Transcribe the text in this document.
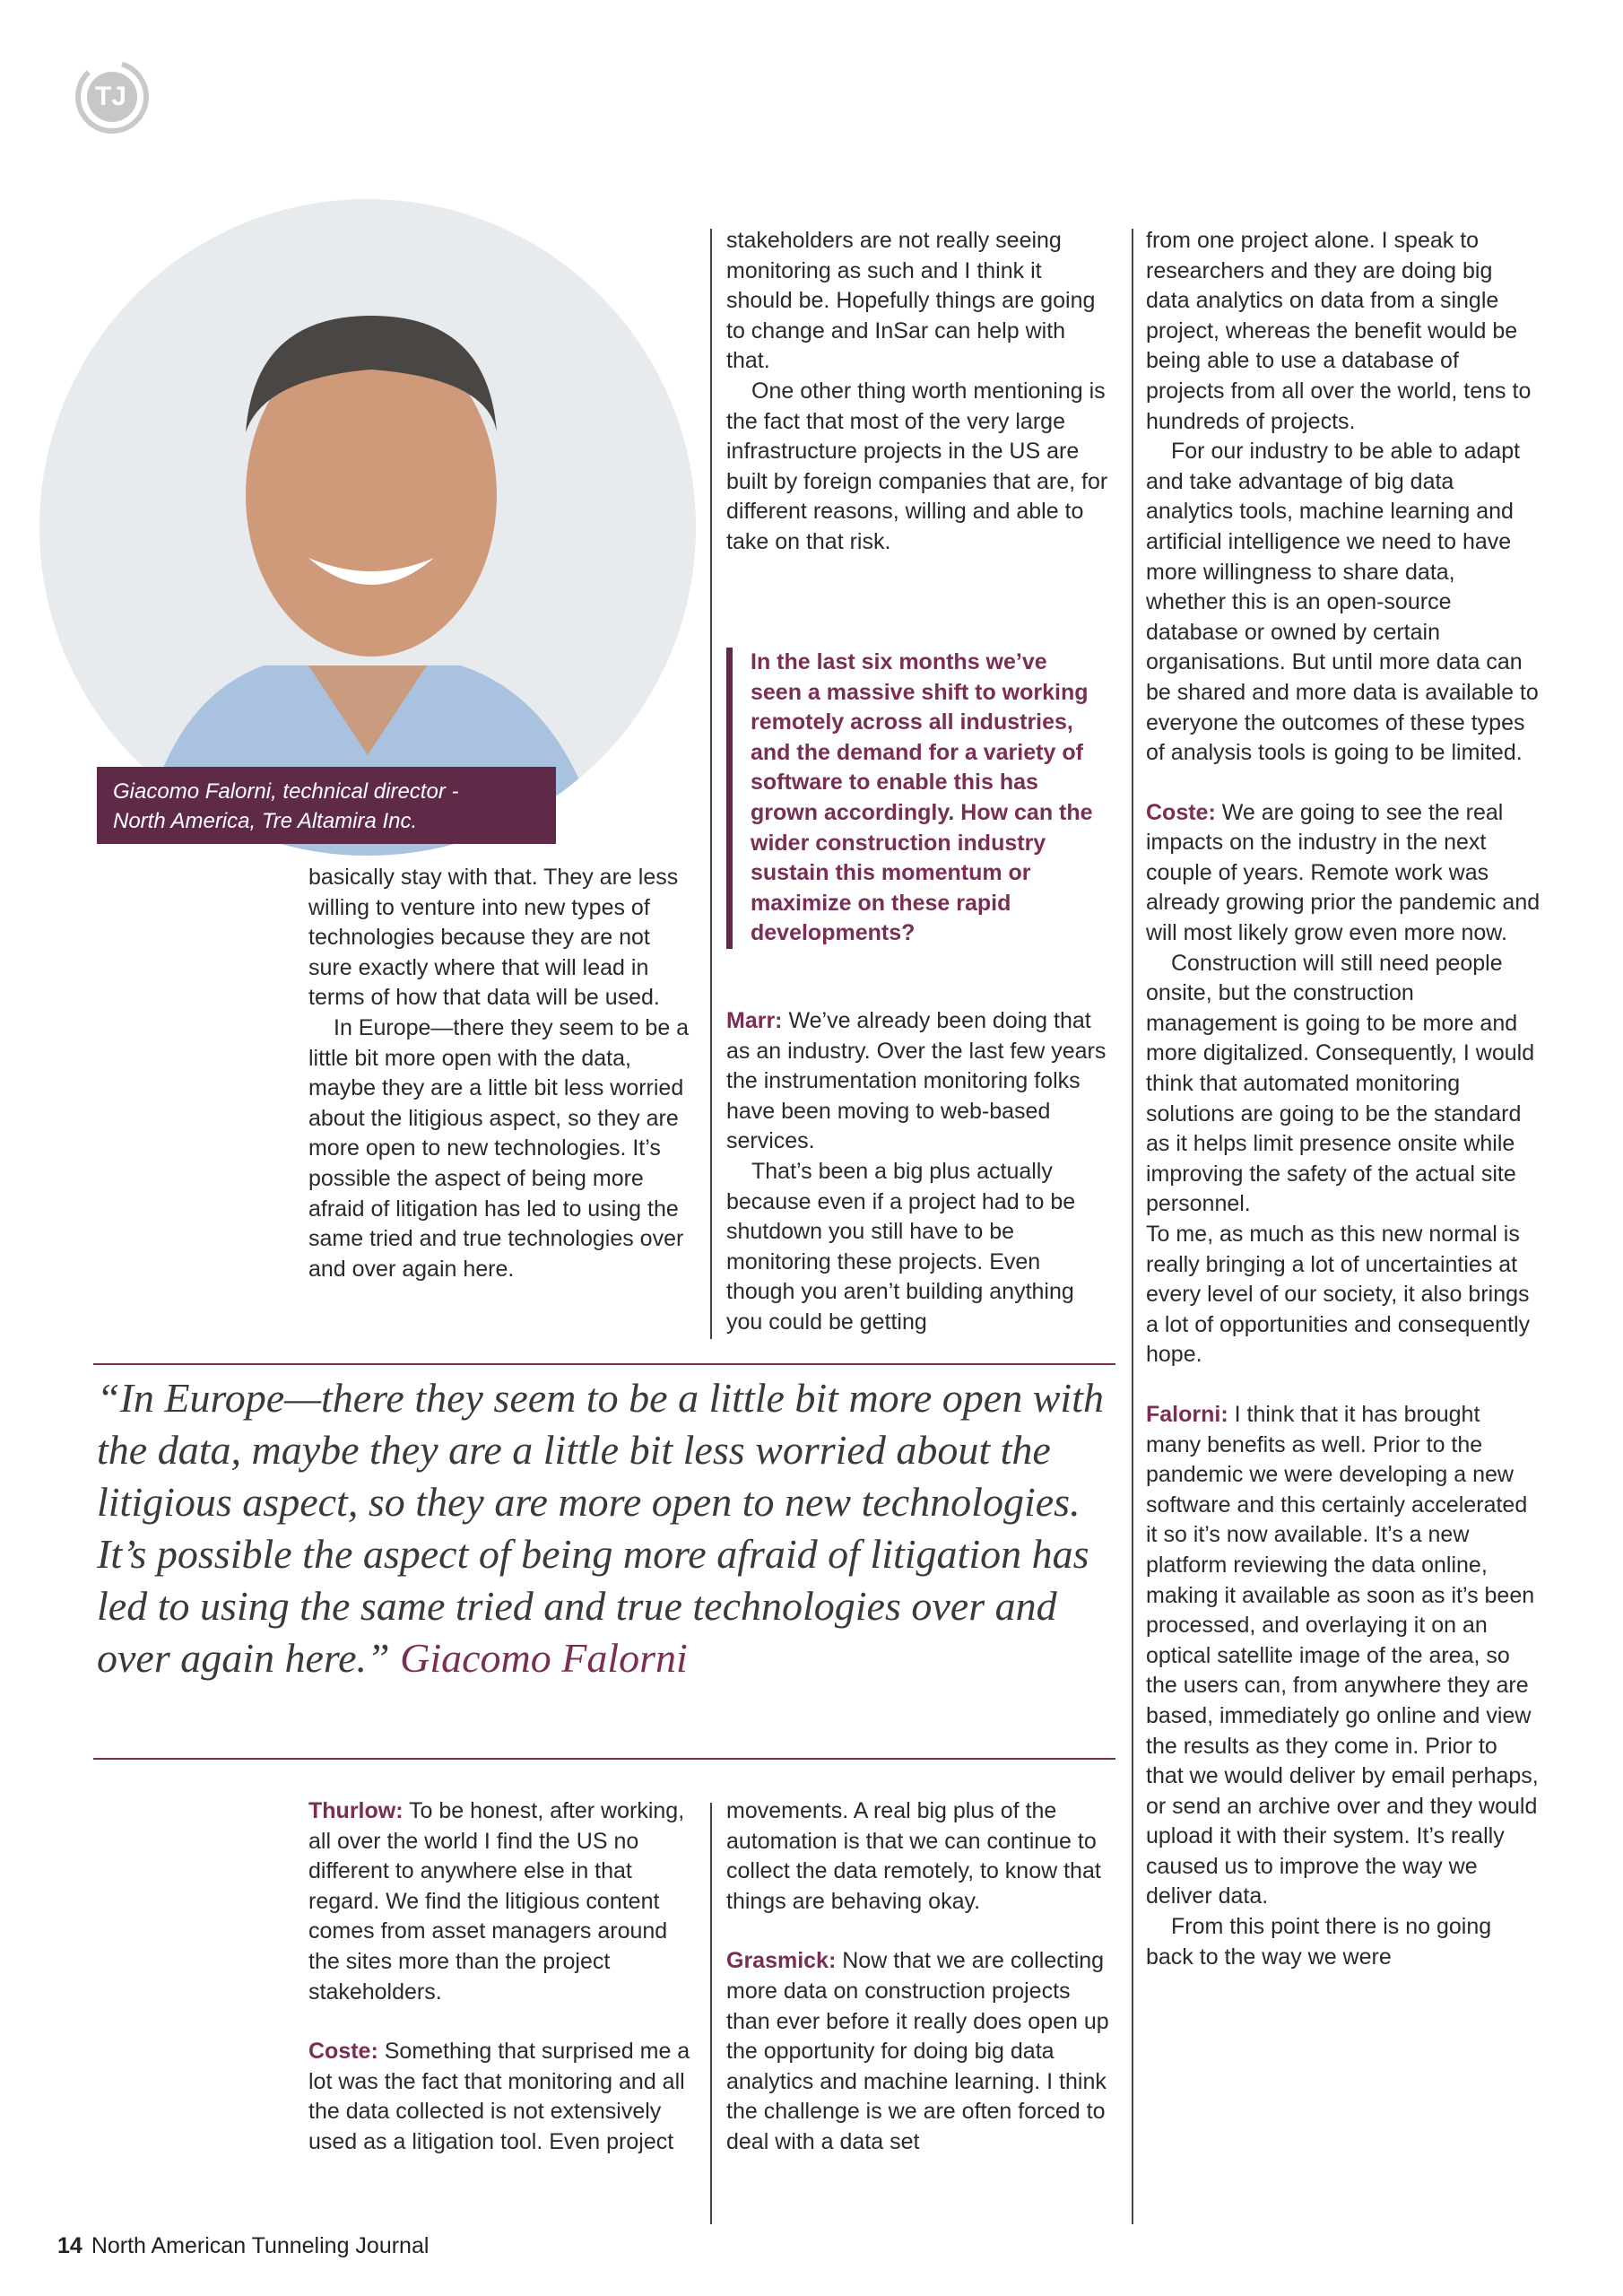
TJ
Giacomo Falorni, technical director -
North America, Tre Altamira Inc.

basically stay with that. They are less willing to venture into new types of technologies because they are not sure exactly where that will lead in terms of how that data will be used.

In Europe—there they seem to be a little bit more open with the data, maybe they are a little bit less worried about the litigious aspect, so they are more open to new technologies. It’s possible the aspect of being more afraid of litigation has led to using the same tried and true technologies over and over again here.

stakeholders are not really seeing monitoring as such and I think it should be. Hopefully things are going to change and InSar can help with that.

One other thing worth mentioning is the fact that most of the very large infrastructure projects in the US are built by foreign companies that are, for different reasons, willing and able to take on that risk.

In the last six months we’ve seen a massive shift to working remotely across all industries, and the demand for a variety of software to enable this has grown accordingly. How can the wider construction industry sustain this momentum or maximize on these rapid developments?

Marr: We’ve already been doing that as an industry. Over the last few years the instrumentation monitoring folks have been moving to web-based services.

That’s been a big plus actually because even if a project had to be shutdown you still have to be monitoring these projects. Even though you aren’t building anything you could be getting

from one project alone. I speak to researchers and they are doing big data analytics on data from a single project, whereas the benefit would be being able to use a database of projects from all over the world, tens to hundreds of projects.

For our industry to be able to adapt and take advantage of big data analytics tools, machine learning and artificial intelligence we need to have more willingness to share data, whether this is an open-source database or owned by certain organisations. But until more data can be shared and more data is available to everyone the outcomes of these types of analysis tools is going to be limited.

Coste: We are going to see the real impacts on the industry in the next couple of years. Remote work was already growing prior the pandemic and will most likely grow even more now.

Construction will still need people onsite, but the construction management is going to be more and more digitalized. Consequently, I would think that automated monitoring solutions are going to be the standard as it helps limit presence onsite while improving the safety of the actual site personnel.

To me, as much as this new normal is really bringing a lot of uncertainties at every level of our society, it also brings a lot of opportunities and consequently hope.

Falorni: I think that it has brought many benefits as well. Prior to the pandemic we were developing a new software and this certainly accelerated it so it’s now available. It’s a new platform reviewing the data online, making it available as soon as it’s been processed, and overlaying it on an optical satellite image of the area, so the users can, from anywhere they are based, immediately go online and view the results as they come in. Prior to that we would deliver by email perhaps, or send an archive over and they would upload it with their system. It’s really caused us to improve the way we deliver data.

From this point there is no going back to the way we were

“In Europe—there they seem to be a little bit more open with the data, maybe they are a little bit less worried about the litigious aspect, so they are more open to new technologies. It’s possible the aspect of being more afraid of litigation has led to using the same tried and true technologies over and over again here.” Giacomo Falorni

Thurlow: To be honest, after working, all over the world I find the US no different to anywhere else in that regard. We find the litigious content comes from asset managers around the sites more than the project stakeholders.

Coste: Something that surprised me a lot was the fact that monitoring and all the data collected is not extensively used as a litigation tool. Even project

movements. A real big plus of the automation is that we can continue to collect the data remotely, to know that things are behaving okay.

Grasmick: Now that we are collecting more data on construction projects than ever before it really does open up the opportunity for doing big data analytics and machine learning. I think the challenge is we are often forced to deal with a data set

14 North American Tunneling Journal
